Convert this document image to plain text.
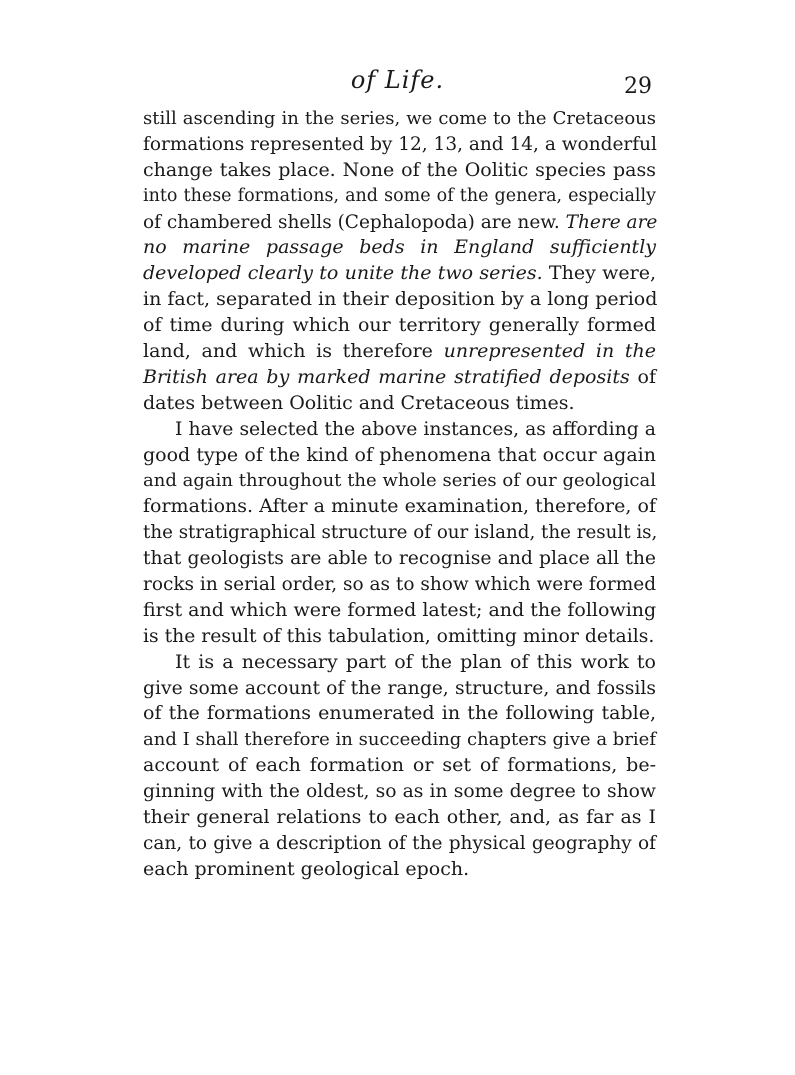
of Life.	29
still ascending in the series, we come to the Cretaceous
formations represented by 12, 13, and 14, a wonderful
change takes place. None of the Oolitic species pass
into these formations, and some of the genera, especially
of chambered shells (Cephalopoda) are new. There are
no marine passage beds in England sufficiently
developed clearly to unite the two series. They were,
in fact, separated in their deposition by a long period
of time during which our territory generally formed
land, and which is therefore unrepresented in the
British area by marked marine stratified deposits of
dates between Oolitic and Cretaceous times.
I have selected the above instances, as affording a
good type of the kind of phenomena that occur again
and again throughout the whole series of our geological
formations. After a minute examination, therefore, of
the stratigraphical structure of our island, the result is,
that geologists are able to recognise and place all the
rocks in serial order, so as to show which were formed
first and which were formed latest; and the following
is the result of this tabulation, omitting minor details.
It is a necessary part of the plan of this work to
give some account of the range, structure, and fossils
of the formations enumerated in the following table,
and I shall therefore in succeeding chapters give a brief
account of each formation or set of formations, be-
ginning with the oldest, so as in some degree to show
their general relations to each other, and, as far as I
can, to give a description of the physical geography of
each prominent geological epoch.
